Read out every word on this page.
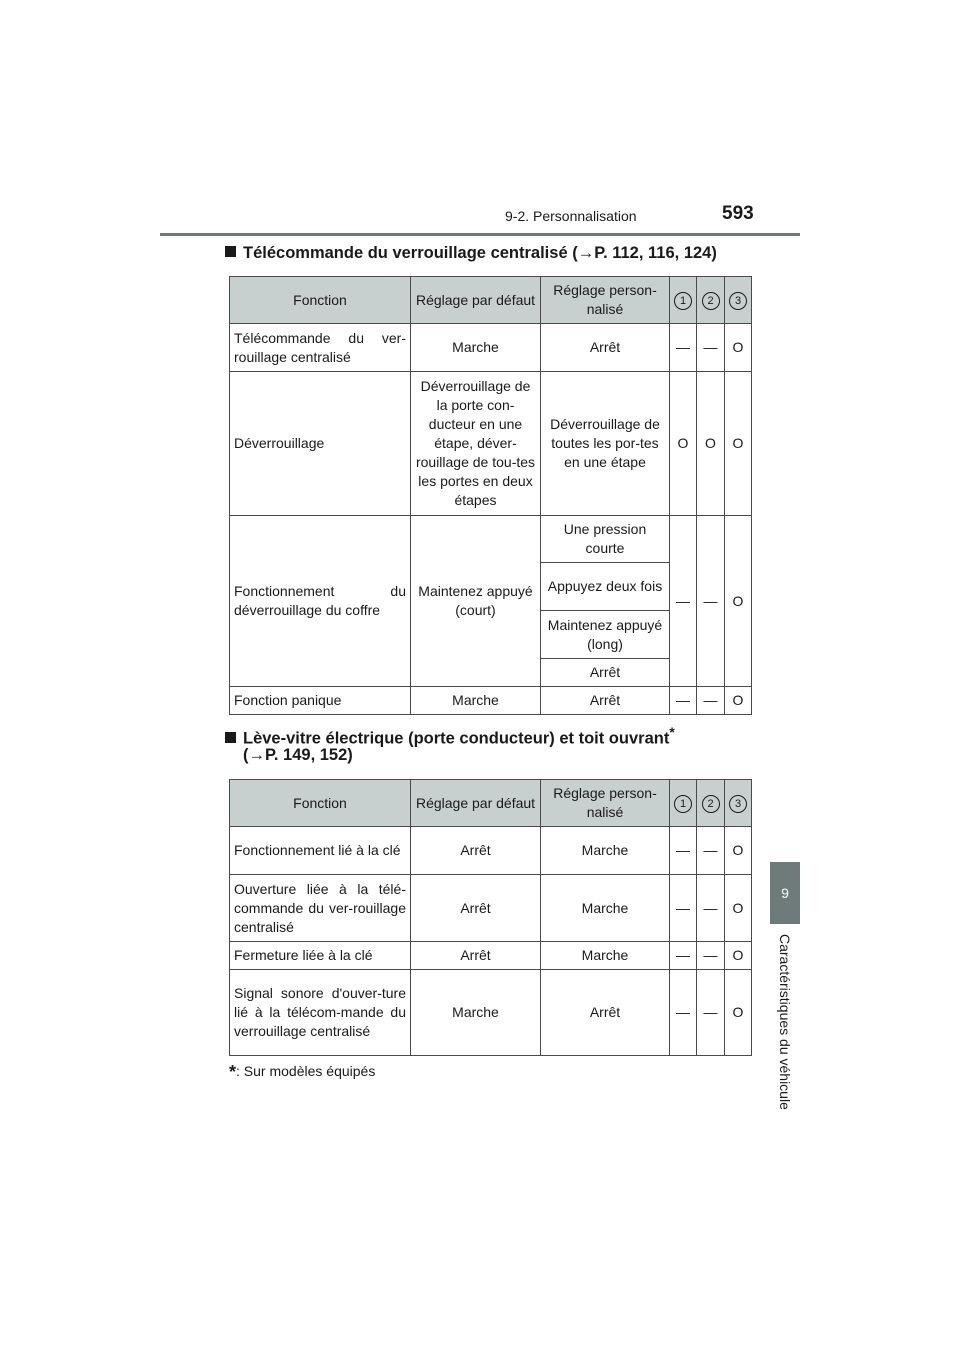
9-2. Personnalisation	593
9
Caractéristiques du véhicule
Télécommande du verrouillage centralisé (→P. 112, 116, 124)
Fonction	Réglage par défaut	Réglage person-nalisé	1	2	3
Télécommande du ver-rouillage centralisé	Marche	Arrêt	—	—	O
Déverrouillage	Déverrouillage de la porte con-ducteur en une étape, déver-rouillage de tou-tes les portes en deux étapes	Déverrouillage de toutes les por-tes en une étape	O	O	O
Fonctionnement du déverrouillage du coffre	Maintenez appuyé (court)	Une pression courte	—	—	O
		Appuyez deux fois			
		Maintenez appuyé (long)			
		Arrêt			
Fonction panique	Marche	Arrêt	—	—	O
Lève-vitre électrique (porte conducteur) et toit ouvrant*
(→P. 149, 152)
Fonction	Réglage par défaut	Réglage person-nalisé	1	2	3
Fonctionnement lié à la clé	Arrêt	Marche	—	—	O
Ouverture liée à la télé-commande du ver-rouillage centralisé	Arrêt	Marche	—	—	O
Fermeture liée à la clé	Arrêt	Marche	—	—	O
Signal sonore d'ouver-ture lié à la télécom-mande du verrouillage centralisé	Marche	Arrêt	—	—	O
*: Sur modèles équipés
